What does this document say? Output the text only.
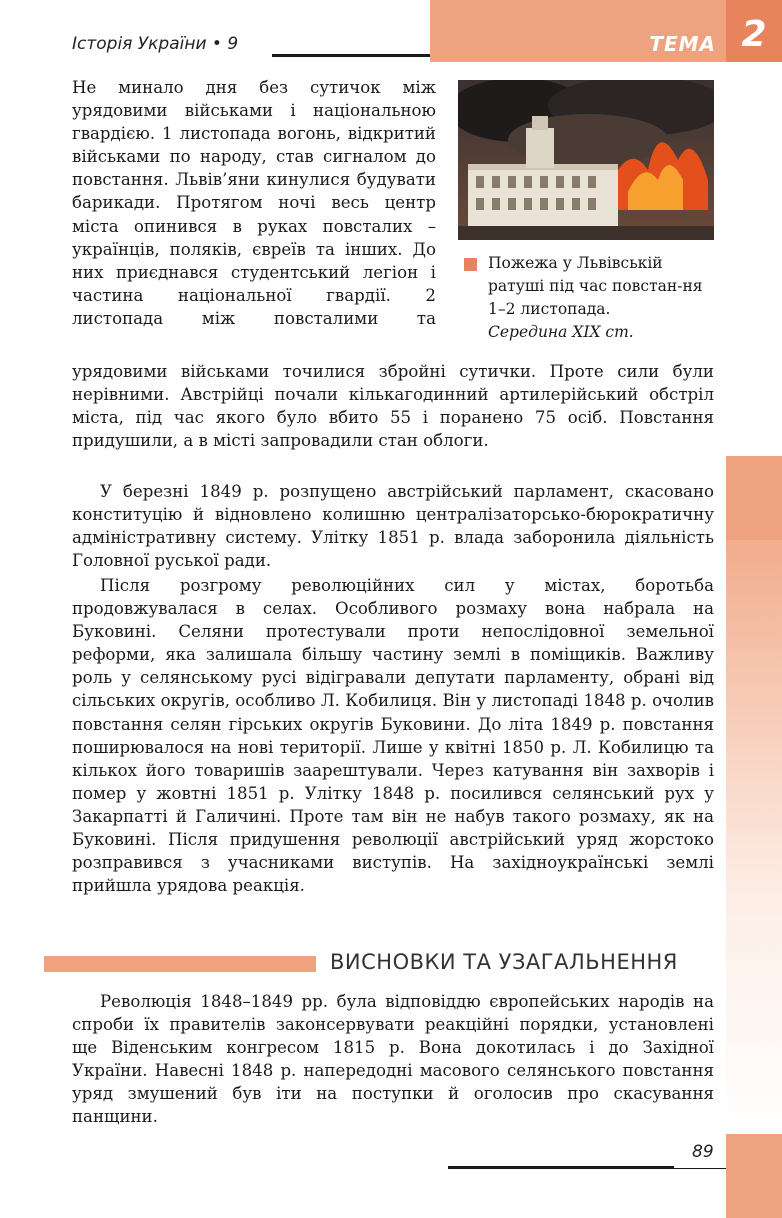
Історія України • 9	ТЕМА 2

Не минало дня без сутичок між урядовими військами і національною гвардією. 1 листопада вогонь, відкритий військами по народу, став сигналом до повстання. Львів’яни кинулися будувати барикади. Протягом ночі весь центр міста опинився в руках повсталих – українців, поляків, євреїв та інших. До них приєднався студентський легіон і частина національної гвардії. 2 листопада між повсталими та

Пожежа у Львівській ратуші під час повстан-ня 1–2 листопада.
Середина XIX ст.

урядовими військами точилися збройні сутички. Проте сили були нерівними. Австрійці почали кількагодинний артилерійський обстріл міста, під час якого було вбито 55 і поранено 75 осіб. Повстання придушили, а в місті запровадили стан облоги.

У березні 1849 р. розпущено австрійський парламент, скасовано конституцію й відновлено колишню централізаторсько-бюрократичну адміністративну систему. Улітку 1851 р. влада заборонила діяльність Головної руської ради.

Після розгрому революційних сил у містах, боротьба продовжувалася в селах. Особливого розмаху вона набрала на Буковині. Селяни протестували проти непослідовної земельної реформи, яка залишала більшу частину землі в поміщиків. Важливу роль у селянському русі відігравали депутати парламенту, обрані від сільських округів, особливо Л. Кобилиця. Він у листопаді 1848 р. очолив повстання селян гірських округів Буковини. До літа 1849 р. повстання поширювалося на нові території. Лише у квітні 1850 р. Л. Кобилицю та кількох його товаришів заарештували. Через катування він захворів і помер у жовтні 1851 р. Улітку 1848 р. посилився селянський рух у Закарпатті й Галичині. Проте там він не набув такого розмаху, як на Буковині. Після придушення революції австрійський уряд жорстоко розправився з учасниками виступів. На західноукраїнські землі прийшла урядова реакція.

ВИСНОВКИ ТА УЗАГАЛЬНЕННЯ

Революція 1848–1849 рр. була відповіддю європейських народів на спроби їх правителів законсервувати реакційні порядки, установлені ще Віденським конгресом 1815 р. Вона докотилась і до Західної України. Навесні 1848 р. напередодні масового селянського повстання уряд змушений був іти на поступки й оголосив про скасування панщини.

89
